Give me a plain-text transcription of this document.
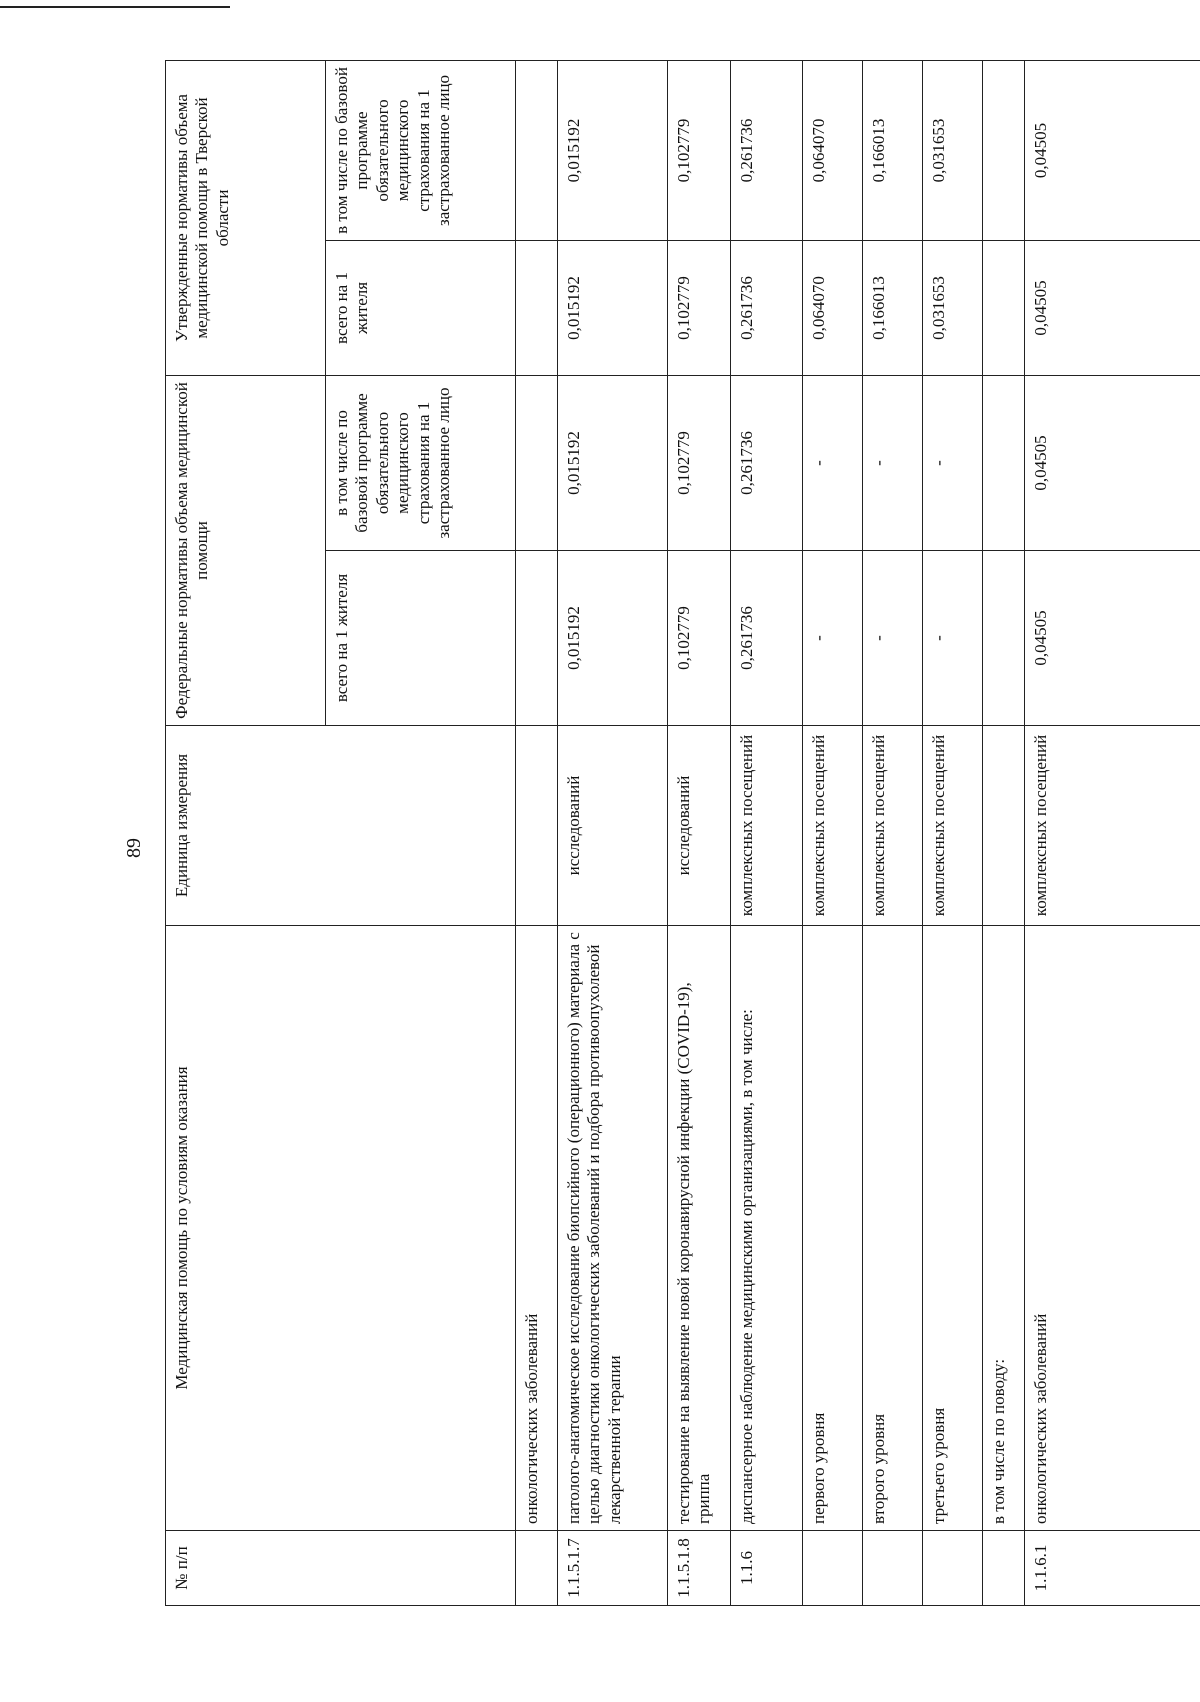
89
№ п/п	Медицинская помощь по условиям оказания	Единица измерения	Федеральные нормативы объема медицинской помощи		Утвержденные нормативы объема медицинской помощи в Тверской области	
			всего на 1 жителя	в том числе по базовой программе обязательного медицинского страхования на 1 застрахованное лицо	всего на 1 жителя	в том числе по базовой программе обязательного медицинского страхования на 1 застрахованное лицо
	онкологических заболеваний					
1.1.5.1.7	патолого-анатомическое исследование биопсийного (операционного) материала с целью диагностики онкологических заболеваний и подбора противоопухолевой лекарственной терапии	исследований	0,015192	0,015192	0,015192	0,015192
1.1.5.1.8	тестирование на выявление новой коронавирусной инфекции (COVID-19), гриппа	исследований	0,102779	0,102779	0,102779	0,102779
1.1.6	диспансерное наблюдение медицинскими организациями, в том числе:	комплексных посещений	0,261736	0,261736	0,261736	0,261736
	первого уровня	комплексных посещений	-	-	0,064070	0,064070
	второго уровня	комплексных посещений	-	-	0,166013	0,166013
	третьего уровня	комплексных посещений	-	-	0,031653	0,031653
	в том числе по поводу:					
1.1.6.1	онкологических заболеваний	комплексных посещений	0,04505	0,04505	0,04505	0,04505
